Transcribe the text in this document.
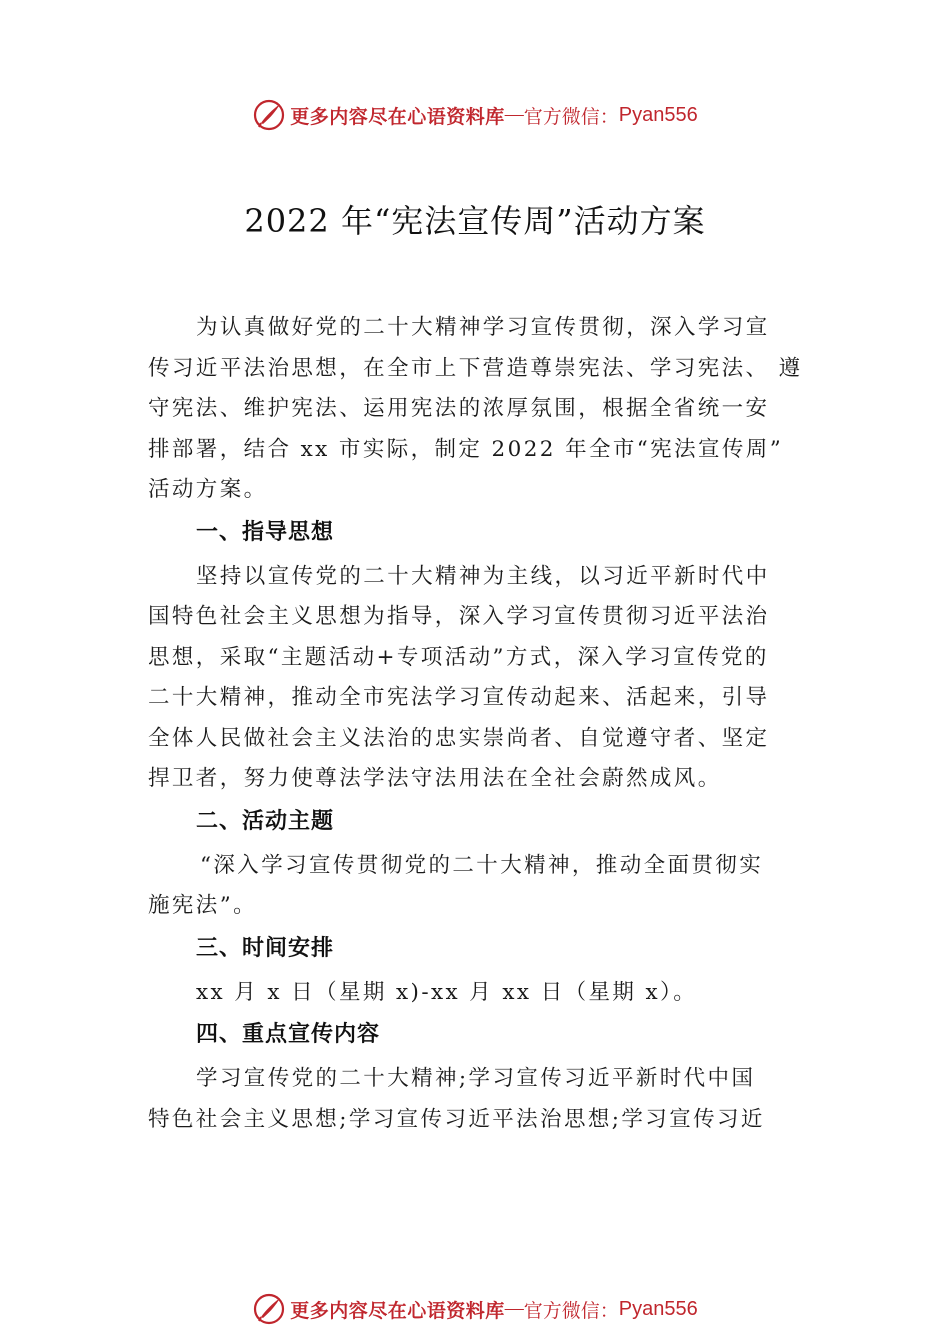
更多内容尽在心语资料库 — 官方微信： Pyan556
2022 年“宪法宣传周”活动方案

为认真做好党的二十大精神学习宣传贯彻，深入学习宣
传习近平法治思想，在全市上下营造尊崇宪法、学习宪法、 遵
守宪法、维护宪法、运用宪法的浓厚氛围，根据全省统一安
排部署，结合 xx 市实际，制定 2022 年全市“宪法宣传周”
活动方案。

一、指导思想

坚持以宣传党的二十大精神为主线，以习近平新时代中
国特色社会主义思想为指导，深入学习宣传贯彻习近平法治
思想，采取“主题活动+专项活动”方式，深入学习宣传党的
二十大精神，推动全市宪法学习宣传动起来、活起来，引导
全体人民做社会主义法治的忠实崇尚者、自觉遵守者、坚定
捍卫者，努力使尊法学法守法用法在全社会蔚然成风。

二、活动主题

“深入学习宣传贯彻党的二十大精神，推动全面贯彻实
施宪法”。

三、时间安排

xx 月 x 日（星期 x)-xx 月 xx 日（星期 x）。

四、重点宣传内容

学习宣传党的二十大精神;学习宣传习近平新时代中国
特色社会主义思想;学习宣传习近平法治思想;学习宣传习近

更多内容尽在心语资料库 — 官方微信： Pyan556
